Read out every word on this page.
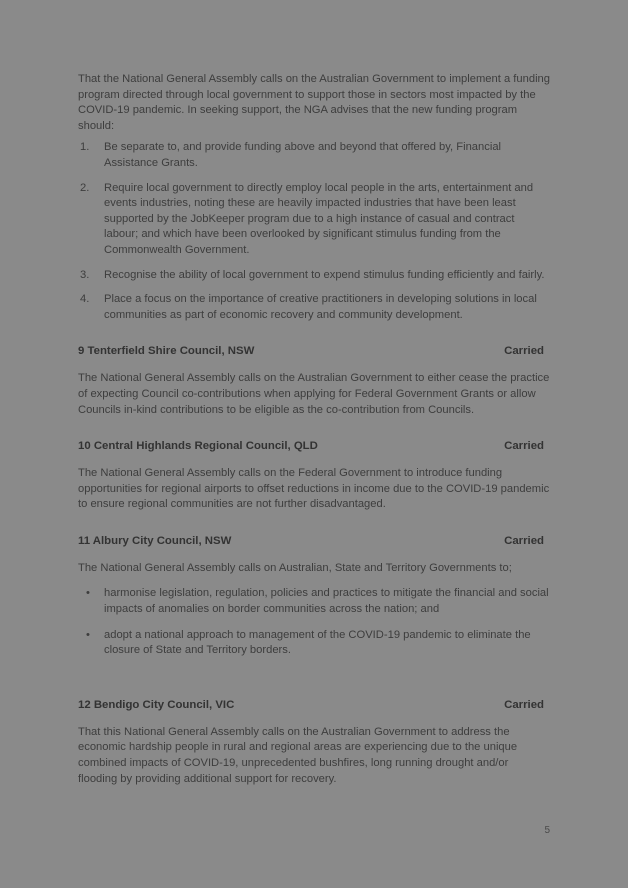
That the National General Assembly calls on the Australian Government to implement a funding program directed through local government to support those in sectors most impacted by the COVID-19 pandemic. In seeking support, the NGA advises that the new funding program should:

1.	Be separate to, and provide funding above and beyond that offered by, Financial Assistance Grants.
2.	Require local government to directly employ local people in the arts, entertainment and events industries, noting these are heavily impacted industries that have been least supported by the JobKeeper program due to a high instance of casual and contract labour; and which have been overlooked by significant stimulus funding from the Commonwealth Government.
3.	Recognise the ability of local government to expend stimulus funding efficiently and fairly.
4.	Place a focus on the importance of creative practitioners in developing solutions in local communities as part of economic recovery and community development.
9 Tenterfield Shire Council, NSW	Carried

The National General Assembly calls on the Australian Government to either cease the practice of expecting Council co-contributions when applying for Federal Government Grants or allow Councils in-kind contributions to be eligible as the co-contribution from Councils.

10 Central Highlands Regional Council, QLD	Carried

The National General Assembly calls on the Federal Government to introduce funding opportunities for regional airports to offset reductions in income due to the COVID-19 pandemic to ensure regional communities are not further disadvantaged.

11 Albury City Council, NSW	Carried

The National General Assembly calls on Australian, State and Territory Governments to;

• harmonise legislation, regulation, policies and practices to mitigate the financial and social impacts of anomalies on border communities across the nation; and
• adopt a national approach to management of the COVID-19 pandemic to eliminate the closure of State and Territory borders.
12 Bendigo City Council, VIC	Carried

That this National General Assembly calls on the Australian Government to address the economic hardship people in rural and regional areas are experiencing due to the unique combined impacts of COVID-19, unprecedented bushfires, long running drought and/or flooding by providing additional support for recovery.

5
